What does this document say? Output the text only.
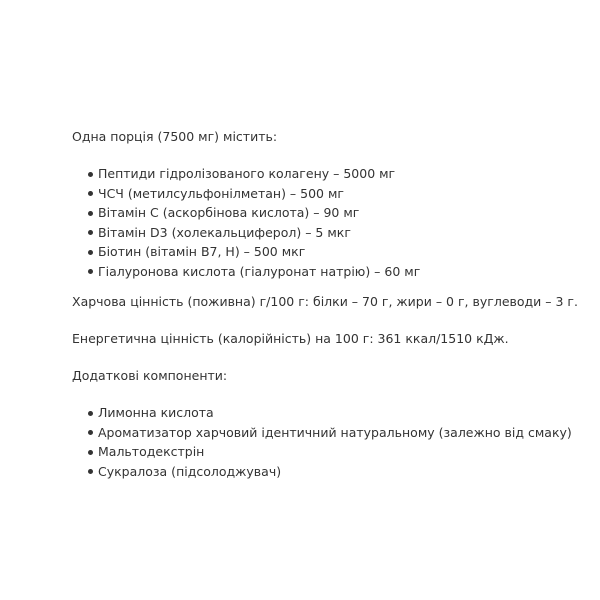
Одна порція (7500 мг) містить:

Пептиди гідролізованого колагену – 5000 мг
ЧСЧ (метилсульфонілметан) – 500 мг
Вітамін C (аскорбінова кислота) – 90 мг
Вітамін D3 (холекальциферол) – 5 мкг
Біотин (вітамін B7, H) – 500 мкг
Гіалуронова кислота (гіалуронат натрію) – 60 мг

Харчова цінність (поживна) г/100 г: білки – 70 г, жири – 0 г, вуглеводи – 3 г.

Енергетична цінність (калорійність) на 100 г: 361 ккал/1510 кДж.

Додаткові компоненти:

Лимонна кислота
Ароматизатор харчовий ідентичний натуральному (залежно від смаку)
Мальтодекстрін
Сукралоза (підсолоджувач)
